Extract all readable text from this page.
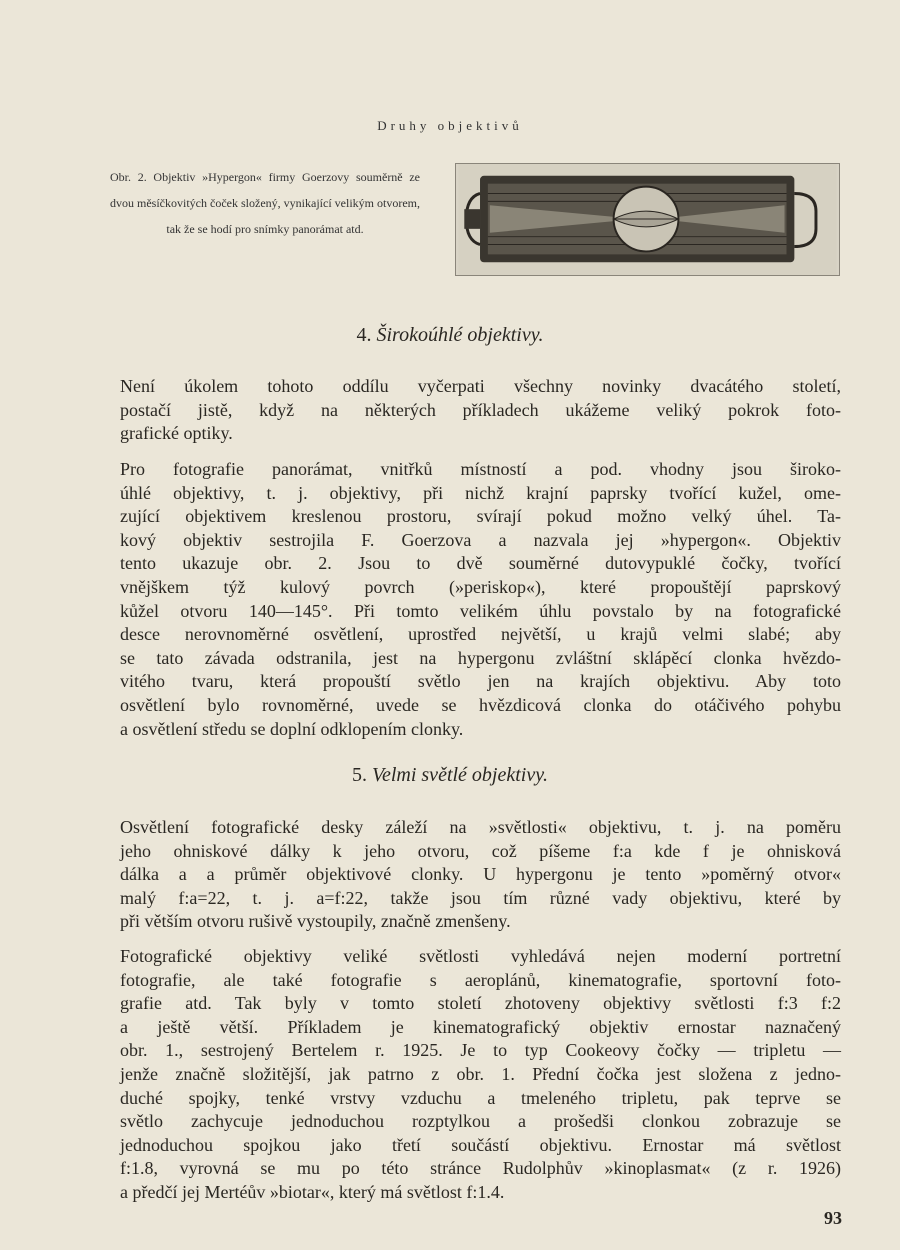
Druhy objektivů
Obr. 2. Objektiv »Hypergon« firmy Goerzovy souměrně ze dvou měsíčkovitých čoček složený, vynikající velikým otvorem, tak že se hodí pro snímky panorámat atd.
4. Širokoúhlé objektivy.
Není úkolem tohoto oddílu vyčerpati všechny novinky dvacátého století,
postačí jistě, když na některých příkladech ukážeme veliký pokrok foto-
grafické optiky.
Pro fotografie panorámat, vnitřků místností a pod. vhodny jsou široko-
úhlé objektivy, t. j. objektivy, při nichž krajní paprsky tvořící kužel, ome-
zující objektivem kreslenou prostoru, svírají pokud možno velký úhel. Ta-
kový objektiv sestrojila F. Goerzova a nazvala jej »hypergon«. Objektiv
tento ukazuje obr. 2. Jsou to dvě souměrné dutovypuklé čočky, tvořící
vnějškem týž kulový povrch (»periskop«), které propouštějí paprskový
kůžel otvoru 140—145°. Při tomto velikém úhlu povstalo by na fotografické
desce nerovnoměrné osvětlení, uprostřed největší, u krajů velmi slabé; aby
se tato závada odstranila, jest na hypergonu zvláštní sklápěcí clonka hvězdo-
vitého tvaru, která propouští světlo jen na krajích objektivu. Aby toto
osvětlení bylo rovnoměrné, uvede se hvězdicová clonka do otáčivého pohybu
a osvětlení středu se doplní odklopením clonky.
5. Velmi světlé objektivy.
Osvětlení fotografické desky záleží na »světlosti« objektivu, t. j. na poměru
jeho ohniskové dálky k jeho otvoru, což píšeme f:a kde f je ohnisková
dálka a a průměr objektivové clonky. U hypergonu je tento »poměrný otvor«
malý f:a=22, t. j. a=f:22, takže jsou tím různé vady objektivu, které by
při větším otvoru rušivě vystoupily, značně zmenšeny.
Fotografické objektivy veliké světlosti vyhledává nejen moderní portretní
fotografie, ale také fotografie s aeroplánů, kinematografie, sportovní foto-
grafie atd. Tak byly v tomto století zhotoveny objektivy světlosti f:3 f:2
a ještě větší. Příkladem je kinematografický objektiv ernostar naznačený
obr. 1., sestrojený Bertelem r. 1925. Je to typ Cookeovy čočky — tripletu —
jenže značně složitější, jak patrno z obr. 1. Přední čočka jest složena z jedno-
duché spojky, tenké vrstvy vzduchu a tmeleného tripletu, pak teprve se
světlo zachycuje jednoduchou rozptylkou a prošedši clonkou zobrazuje se
jednoduchou spojkou jako třetí součástí objektivu. Ernostar má světlost
f:1.8, vyrovná se mu po této stránce Rudolphův »kinoplasmat« (z r. 1926)
a předčí jej Mertéův »biotar«, který má světlost f:1.4.
93
